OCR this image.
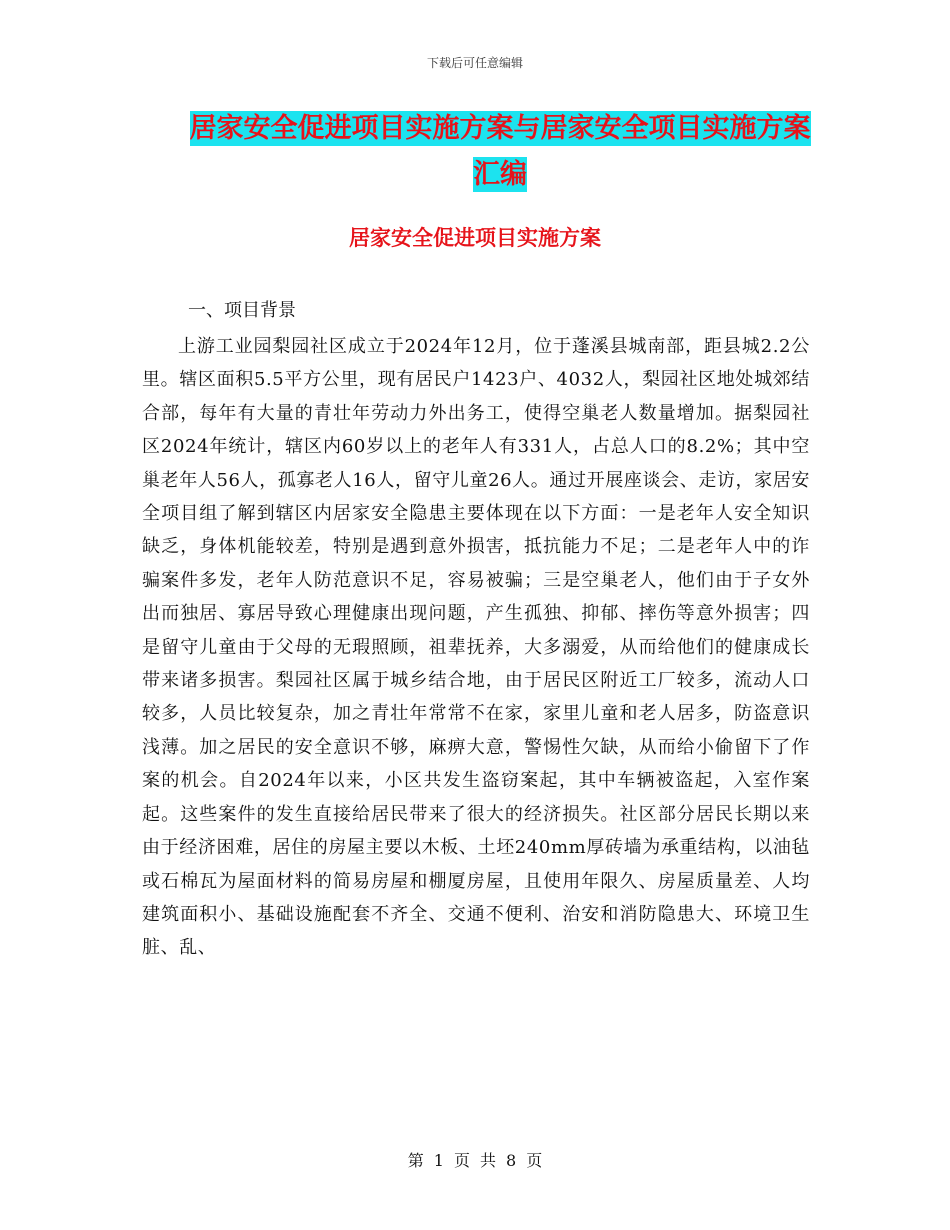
下载后可任意编辑
居家安全促进项目实施方案与居家安全项目实施方案
汇编
居家安全促进项目实施方案
一、项目背景
上游工业园梨园社区成立于2024年12月，位于蓬溪县城南部，距县城2.2公里。辖区面积5.5平方公里，现有居民户1423户、4032人，梨园社区地处城郊结合部，每年有大量的青壮年劳动力外出务工，使得空巢老人数量增加。据梨园社区2024年统计，辖区内60岁以上的老年人有331人，占总人口的8.2%；其中空巢老年人56人，孤寡老人16人，留守儿童26人。通过开展座谈会、走访，家居安全项目组了解到辖区内居家安全隐患主要体现在以下方面：一是老年人安全知识缺乏，身体机能较差，特别是遇到意外损害，抵抗能力不足；二是老年人中的诈骗案件多发，老年人防范意识不足，容易被骗；三是空巢老人，他们由于子女外出而独居、寡居导致心理健康出现问题，产生孤独、抑郁、摔伤等意外损害；四是留守儿童由于父母的无瑕照顾，祖辈抚养，大多溺爱，从而给他们的健康成长带来诸多损害。梨园社区属于城乡结合地，由于居民区附近工厂较多，流动人口较多，人员比较复杂，加之青壮年常常不在家，家里儿童和老人居多，防盗意识浅薄。加之居民的安全意识不够，麻痹大意，警惕性欠缺，从而给小偷留下了作案的机会。自2024年以来，小区共发生盗窃案起，其中车辆被盗起，入室作案起。这些案件的发生直接给居民带来了很大的经济损失。社区部分居民长期以来由于经济困难，居住的房屋主要以木板、土坯240mm厚砖墙为承重结构，以油毡或石棉瓦为屋面材料的简易房屋和棚厦房屋，且使用年限久、房屋质量差、人均建筑面积小、基础设施配套不齐全、交通不便利、治安和消防隐患大、环境卫生脏、乱、
第 1 页 共 8 页
